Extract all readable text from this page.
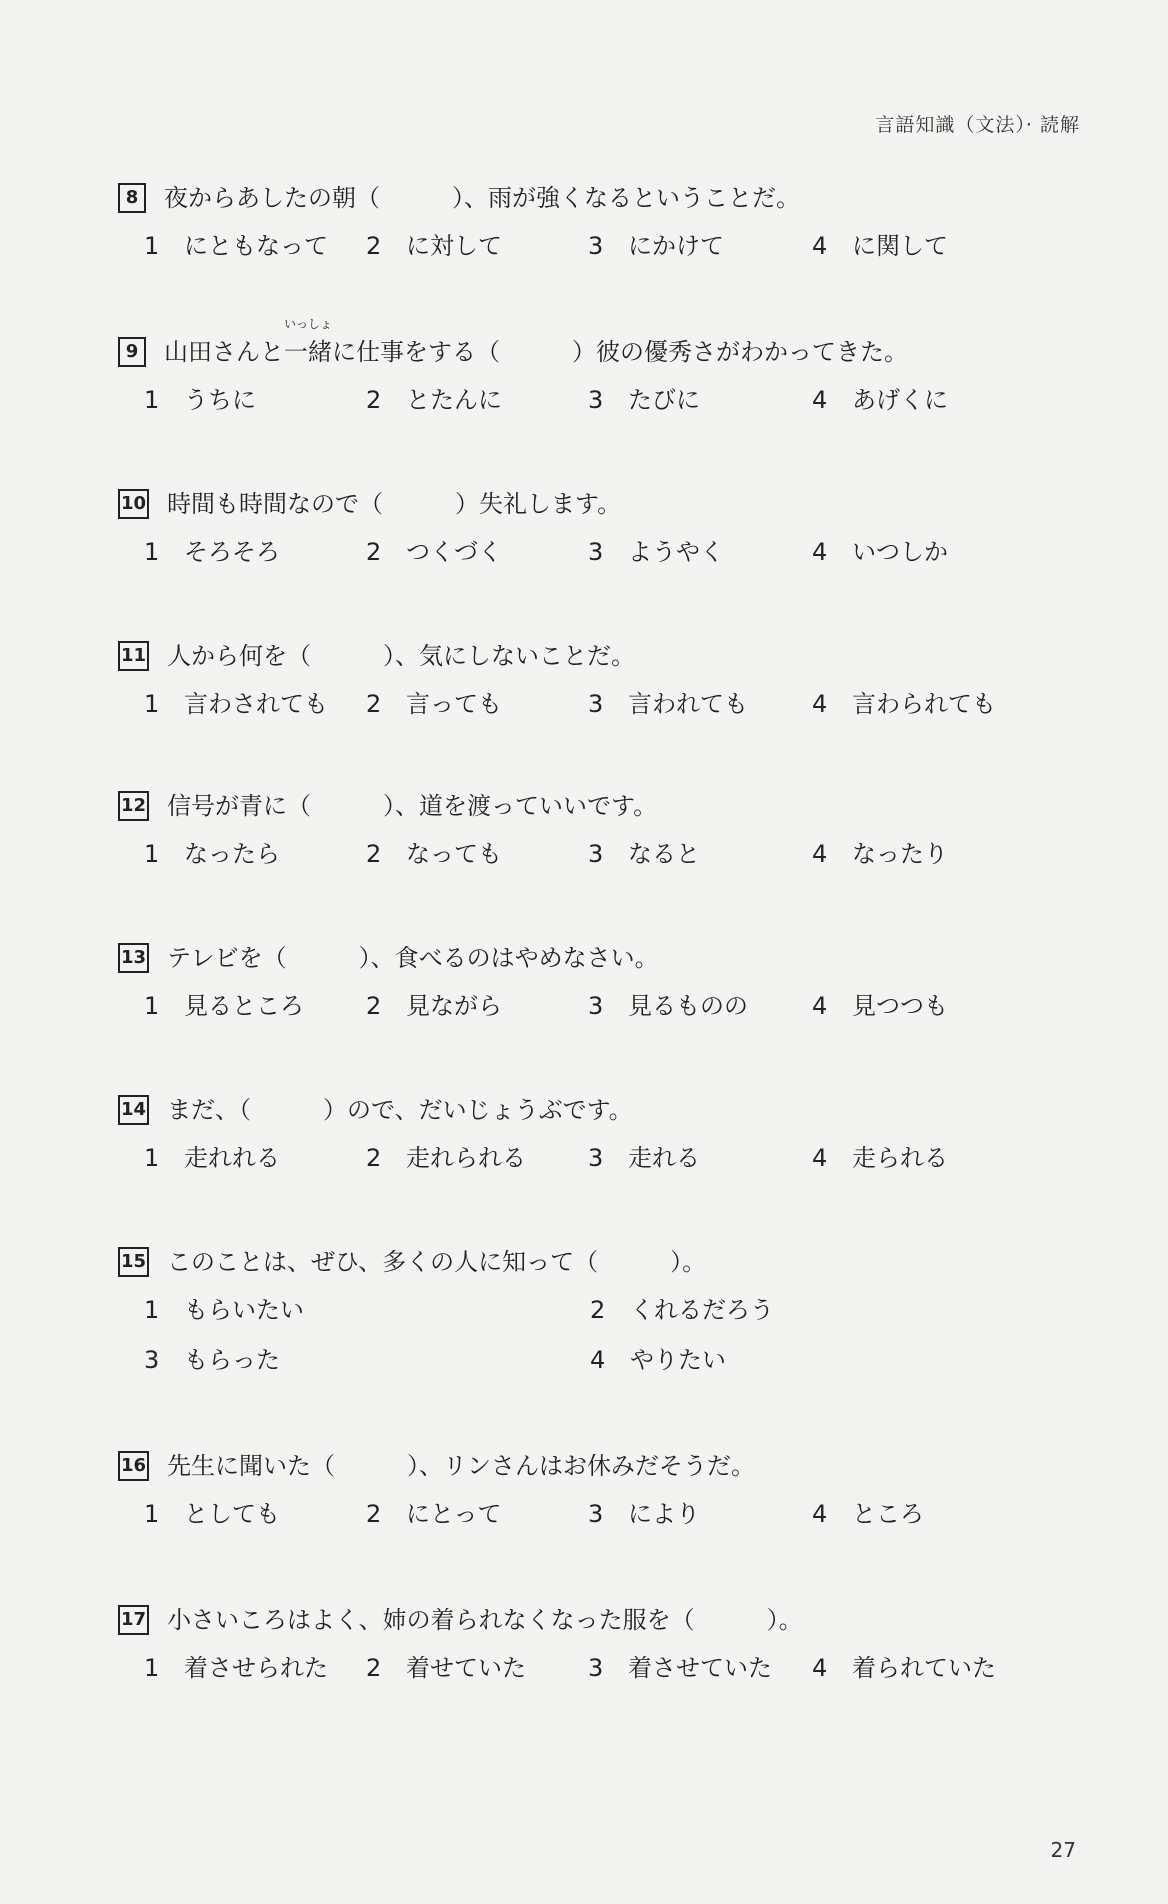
言語知識（文法）· 読解
8	夜からあしたの朝（　　　）、雨が強くなるということだ。
1 にともなって	2 に対して	3 にかけて	4 に関して
9	山田さんと
いっしょ
一緒 に仕事をする（　　　）彼の優秀さがわかってきた。
1 うちに	2 とたんに	3 たびに	4 あげくに
10 時間も時間なので（　　　）失礼します。
1 そろそろ	2 つくづく	3 ようやく	4 いつしか
11 人から何を（　　　）、気にしないことだ。
1 言わされても	2 言っても	3 言われても	4 言わられても
12 信号が青に（　　　）、道を渡っていいです。
1 なったら	2 なっても	3 なると	4 なったり
13 テレビを（　　　）、食べるのはやめなさい。
1 見るところ	2 見ながら	3 見るものの	4 見つつも
14 まだ、（　　　）ので、だいじょうぶです。
1 走れれる	2 走れられる	3 走れる	4 走られる
15 このことは、ぜひ、多くの人に知って（　　　）。
1 もらいたい	2 くれるだろう
3 もらった	4 やりたい
16 先生に聞いた（　　　）、リンさんはお休みだそうだ。
1 としても	2 にとって	3 により	4 ところ
17 小さいころはよく、姉の着られなくなった服を（　　　）。
1 着させられた	2 着せていた	3 着させていた	4 着られていた
27
